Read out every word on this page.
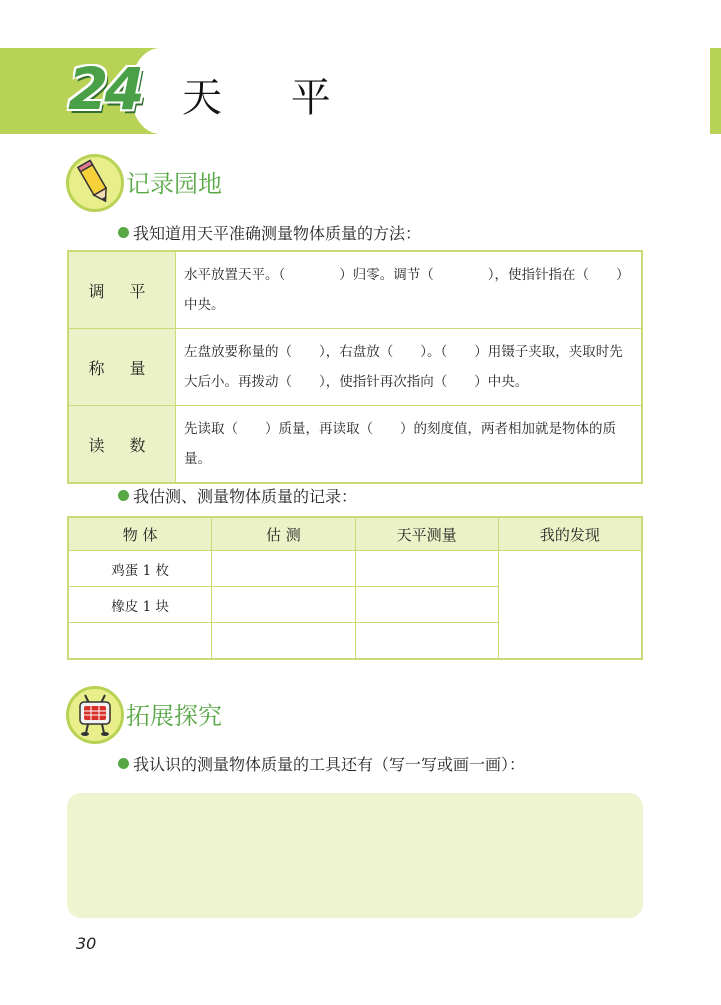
24 天 平
记录园地
我知道用天平准确测量物体质量的方法：
调 平	水平放置天平。（　　　　）归零。调节（　　　　），使指针指在（　　）中央。
称 量	左盘放要称量的（　　），右盘放（　　）。（　　）用镊子夹取，夹取时先大后小。再拨动（　　），使指针再次指向（　　）中央。
读 数	先读取（　　）质量，再读取（　　）的刻度值，两者相加就是物体的质量。
我估测、测量物体质量的记录：
物 体	估 测	天平测量	我的发现
鸡蛋 1 枚			
橡皮 1 块			

拓展探究
我认识的测量物体质量的工具还有（写一写或画一画）：
30
